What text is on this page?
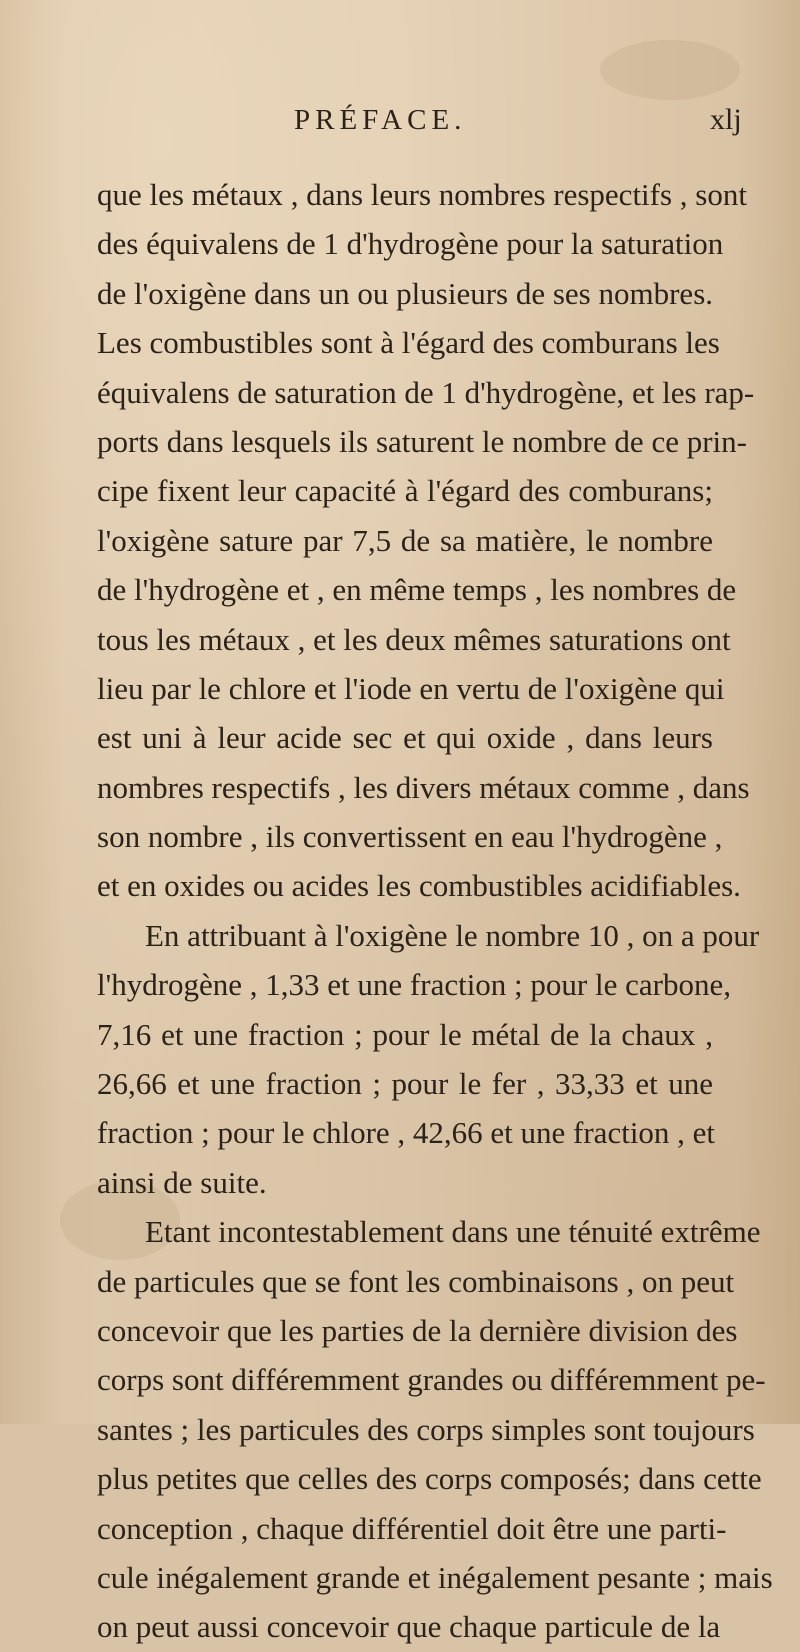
PRÉFACE.	xlj
que les métaux , dans leurs nombres respectifs , sont
des équivalens de 1 d'hydrogène pour la saturation
de l'oxigène dans un ou plusieurs de ses nombres.
Les combustibles sont à l'égard des comburans les
équivalens de saturation de 1 d'hydrogène, et les rap-
ports dans lesquels ils saturent le nombre de ce prin-
cipe fixent leur capacité à l'égard des comburans;
l'oxigène sature par 7,5 de sa matière, le nombre
de l'hydrogène et , en même temps , les nombres de
tous les métaux , et les deux mêmes saturations ont
lieu par le chlore et l'iode en vertu de l'oxigène qui
est uni à leur acide sec et qui oxide , dans leurs
nombres respectifs , les divers métaux comme , dans
son nombre , ils convertissent en eau l'hydrogène ,
et en oxides ou acides les combustibles acidifiables.
En attribuant à l'oxigène le nombre 10 , on a pour
l'hydrogène , 1,33 et une fraction ; pour le carbone,
7,16 et une fraction ; pour le métal de la chaux ,
26,66 et une fraction ; pour le fer , 33,33 et une
fraction ; pour le chlore , 42,66 et une fraction , et
ainsi de suite.
Etant incontestablement dans une ténuité extrême
de particules que se font les combinaisons , on peut
concevoir que les parties de la dernière division des
corps sont différemment grandes ou différemment pe-
santes ; les particules des corps simples sont toujours
plus petites que celles des corps composés; dans cette
conception , chaque différentiel doit être une parti-
cule inégalement grande et inégalement pesante ; mais
on peut aussi concevoir que chaque particule de la
